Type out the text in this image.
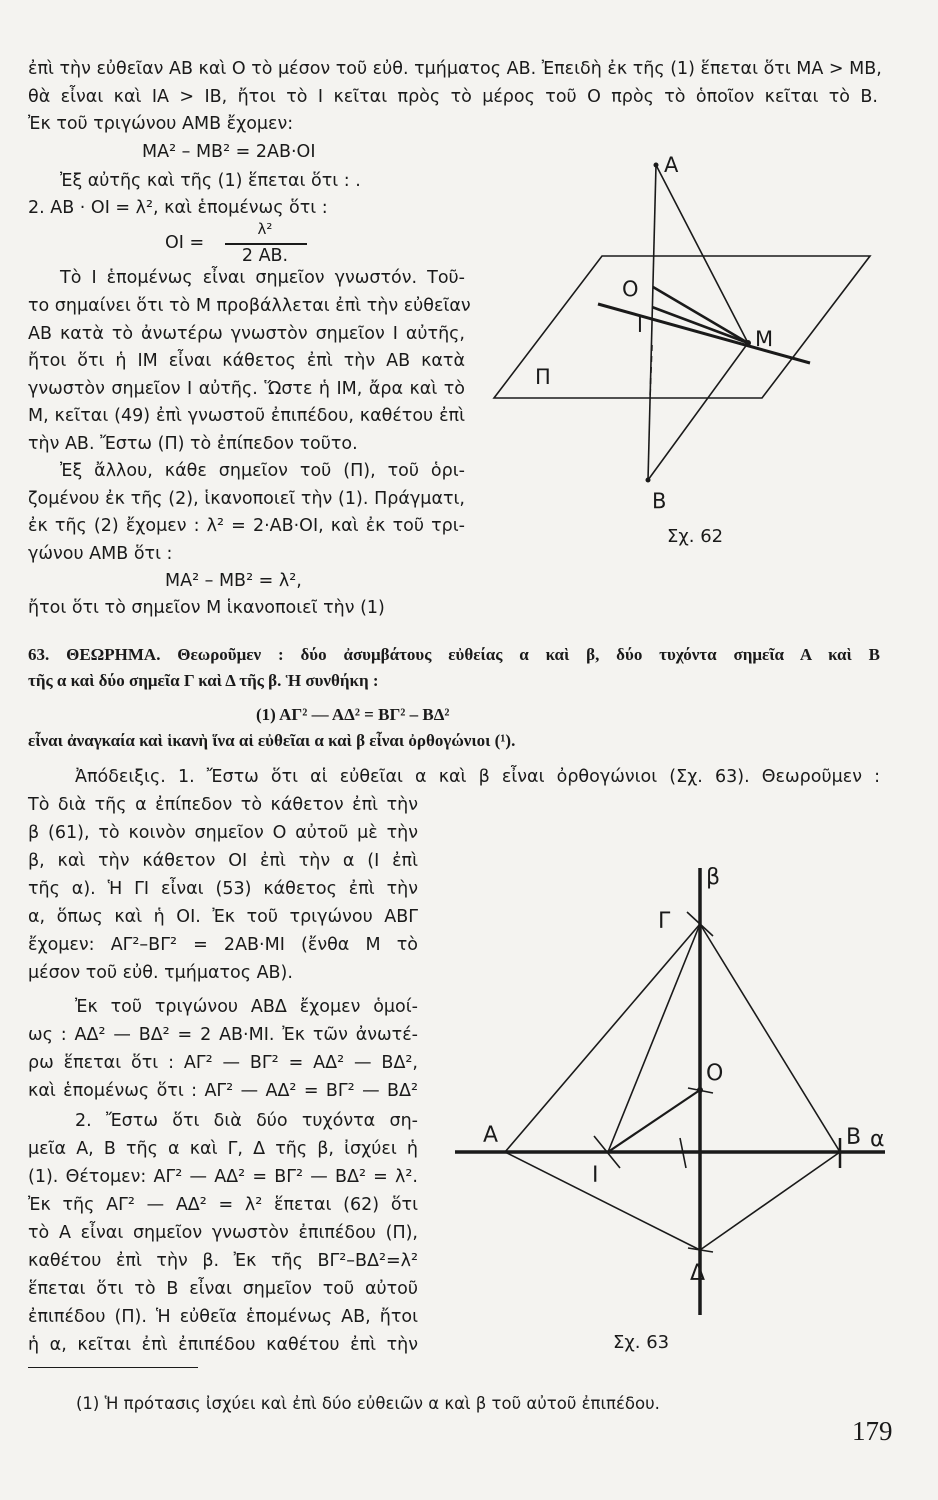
ἐπὶ τὴν εὐθεῖαν ΑΒ καὶ Ο τὸ μέσον τοῦ εὐθ. τμήματος ΑΒ. Ἐπειδὴ ἐκ τῆς (1) ἕπεται ὅτι ΜΑ > ΜΒ,
θὰ εἶναι καὶ ΙΑ > ΙΒ, ἤτοι τὸ Ι κεῖται πρὸς τὸ μέρος τοῦ Ο πρὸς τὸ ὁποῖον κεῖται τὸ Β.
Ἐκ τοῦ τριγώνου ΑΜΒ ἔχομεν:
ΜΑ² – ΜΒ² = 2ΑΒ·ΟΙ
Ἐξ αὐτῆς καὶ τῆς (1) ἕπεται ὅτι : .
2. ΑΒ · ΟΙ = λ², καὶ ἑπομένως ὅτι :
ΟΙ =
λ²
2 ΑΒ.
Τὸ Ι ἑπομένως εἶναι σημεῖον γνωστόν. Τοῦ-
το σημαίνει ὅτι τὸ Μ προβάλλεται ἐπὶ τὴν εὐθεῖαν
ΑΒ κατὰ τὸ ἀνωτέρω γνωστὸν σημεῖον Ι αὐτῆς,
ἤτοι ὅτι ἡ ΙΜ εἶναι κάθετος ἐπὶ τὴν ΑΒ κατὰ
γνωστὸν σημεῖον Ι αὐτῆς. Ὥστε ἡ ΙΜ, ἄρα καὶ τὸ
Μ, κεῖται (49) ἐπὶ γνωστοῦ ἐπιπέδου, καθέτου ἐπὶ
τὴν ΑΒ. Ἔστω (Π) τὸ ἐπίπεδον τοῦτο.
Ἐξ ἄλλου, κάθε σημεῖον τοῦ (Π), τοῦ ὁρι-
ζομένου ἐκ τῆς (2), ἱκανοποιεῖ τὴν (1). Πράγματι,
ἐκ τῆς (2) ἔχομεν : λ² = 2·ΑΒ·ΟΙ, καὶ ἐκ τοῦ τρι-
γώνου ΑΜΒ ὅτι :
ΜΑ² – ΜΒ² = λ²,
ἤτοι ὅτι τὸ σημεῖον Μ ἱκανοποιεῖ τὴν (1)
Α
Ο
Ι
Μ
Π
Β
Σχ. 62
63. ΘΕΩΡΗΜΑ. Θεωροῦμεν : δύο ἀσυμβάτους εὐθείας α καὶ β, δύο τυχόντα σημεῖα Α καὶ Β
τῆς α καὶ δύο σημεῖα Γ καὶ Δ τῆς β. Ἡ συνθήκη :
(1) ΑΓ² — ΑΔ² = ΒΓ² – ΒΔ²
εἶναι ἀναγκαία καὶ ἱκανὴ ἵνα αἱ εὐθεῖαι α καὶ β εἶναι ὀρθογώνιοι (¹).
Ἀπόδειξις. 1. Ἔστω ὅτι αἱ εὐθεῖαι α καὶ β εἶναι ὀρθογώνιοι (Σχ. 63). Θεωροῦμεν :
Τὸ διὰ τῆς α ἐπίπεδον τὸ κάθετον ἐπὶ τὴν
β (61), τὸ κοινὸν σημεῖον Ο αὐτοῦ μὲ τὴν
β, καὶ τὴν κάθετον ΟΙ ἐπὶ τὴν α (Ι ἐπὶ
τῆς α). Ἡ ΓΙ εἶναι (53) κάθετος ἐπὶ τὴν
α, ὅπως καὶ ἡ ΟΙ. Ἐκ τοῦ τριγώνου ΑΒΓ
ἔχομεν: ΑΓ²–ΒΓ² = 2ΑΒ·ΜΙ (ἔνθα Μ τὸ
μέσον τοῦ εὐθ. τμήματος ΑΒ).
Ἐκ τοῦ τριγώνου ΑΒΔ ἔχομεν ὁμοί-
ως : ΑΔ² — ΒΔ² = 2 ΑΒ·ΜΙ. Ἐκ τῶν ἀνωτέ-
ρω ἕπεται ὅτι : ΑΓ² — ΒΓ² = ΑΔ² — ΒΔ²,
καὶ ἑπομένως ὅτι : ΑΓ² — ΑΔ² = ΒΓ² — ΒΔ²
2. Ἔστω ὅτι διὰ δύο τυχόντα ση-
μεῖα Α, Β τῆς α καὶ Γ, Δ τῆς β, ἰσχύει ἡ
(1). Θέτομεν: ΑΓ² — ΑΔ² = ΒΓ² — ΒΔ² = λ².
Ἐκ τῆς ΑΓ² — ΑΔ² = λ² ἕπεται (62) ὅτι
τὸ Α εἶναι σημεῖον γνωστὸν ἐπιπέδου (Π),
καθέτου ἐπὶ τὴν β. Ἐκ τῆς ΒΓ²–ΒΔ²=λ²
ἕπεται ὅτι τὸ Β εἶναι σημεῖον τοῦ αὐτοῦ
ἐπιπέδου (Π). Ἡ εὐθεῖα ἑπομένως ΑΒ, ἤτοι
ἡ α, κεῖται ἐπὶ ἐπιπέδου καθέτου ἐπὶ τὴν
β
Γ
Ο
Α	Β α
Ι
Δ
Σχ. 63
(1) Ἡ πρότασις ἰσχύει καὶ ἐπὶ δύο εὐθειῶν α καὶ β τοῦ αὐτοῦ ἐπιπέδου.
179
